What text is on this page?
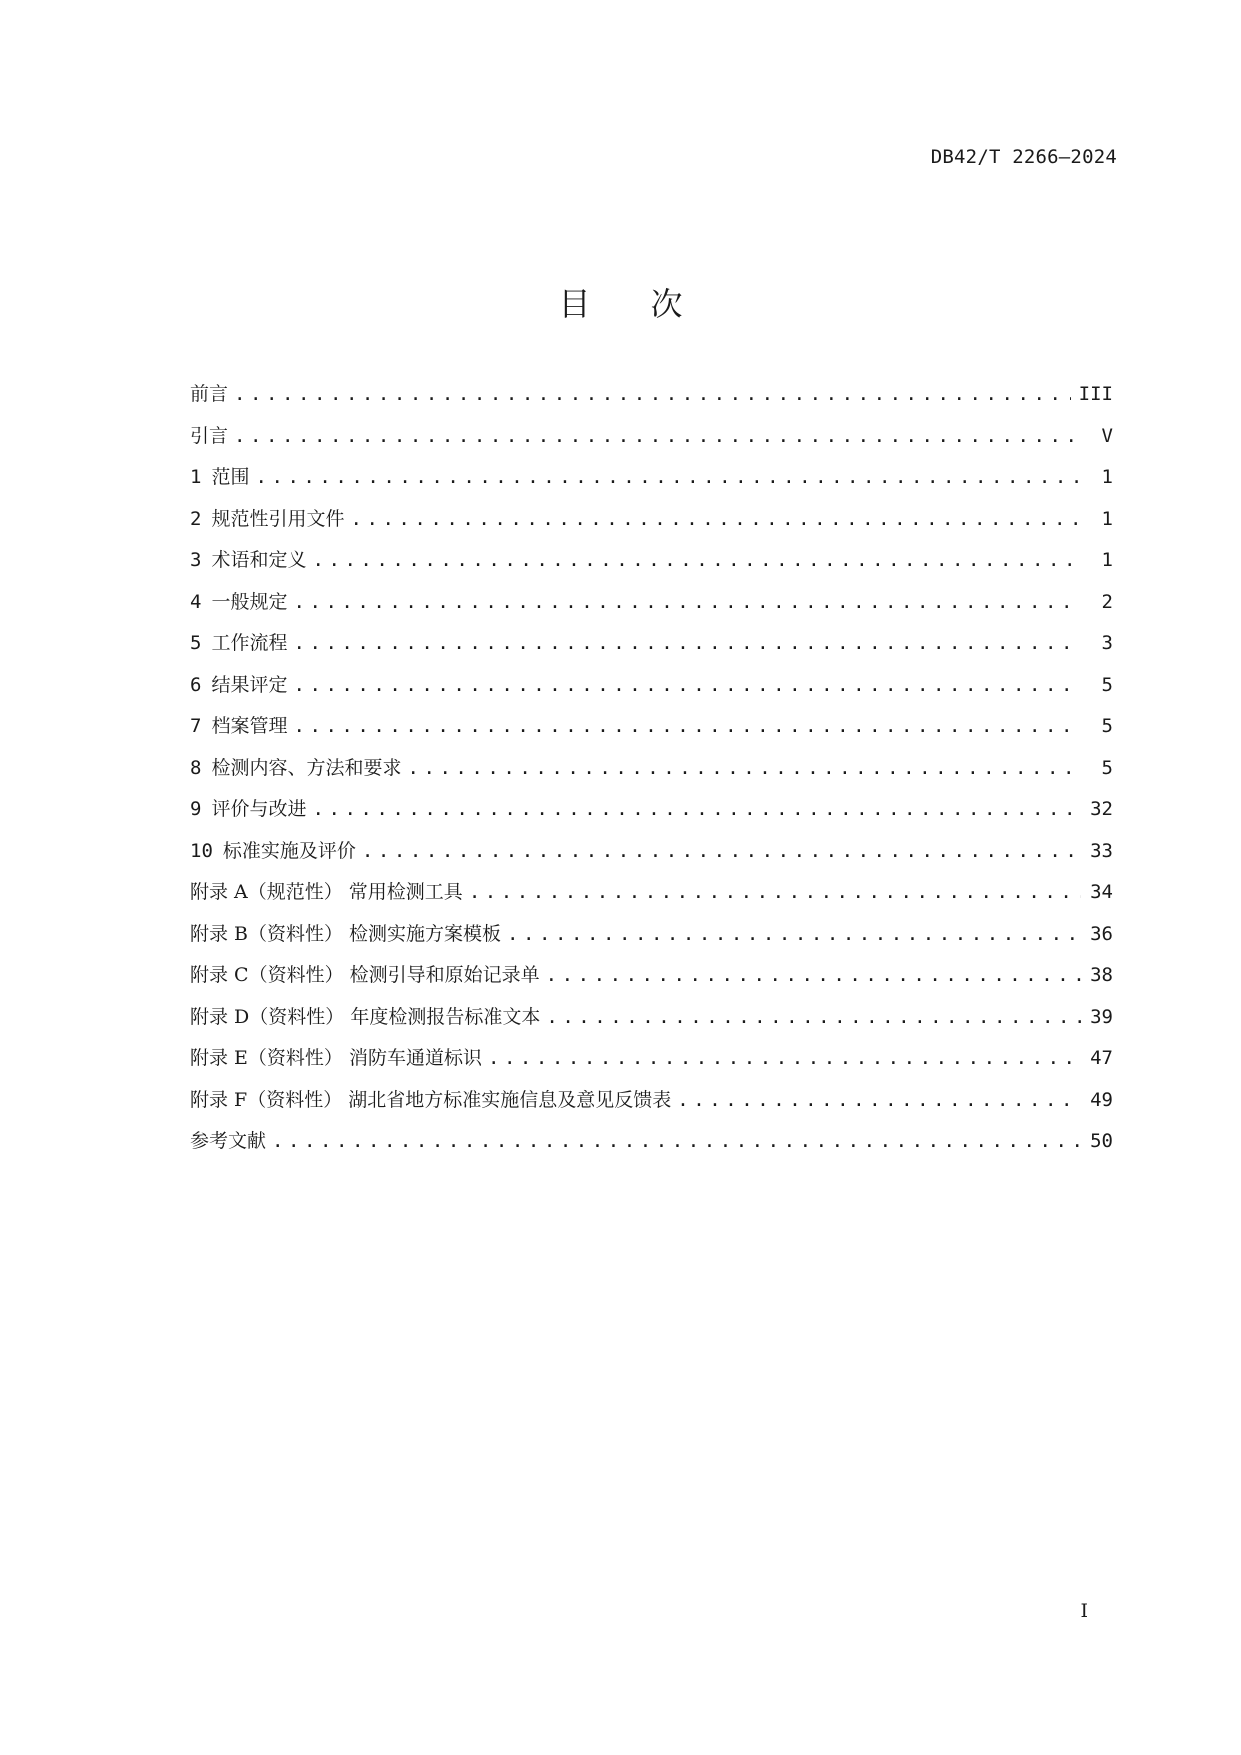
DB42/T 2266—2024
目 次
前言 .....	III
引言 .....	V
1 范围 .....	1
2 规范性引用文件 .....	1
3 术语和定义 .....	1
4 一般规定 .....	2
5 工作流程 .....	3
6 结果评定 .....	5
7 档案管理 .....	5
8 检测内容、方法和要求 .....	5
9 评价与改进 .....	32
10 标准实施及评价 .....	33
附录 A（规范性） 常用检测工具 .....	34
附录 B（资料性） 检测实施方案模板 .....	36
附录 C（资料性） 检测引导和原始记录单 .....	38
附录 D（资料性） 年度检测报告标准文本 .....	39
附录 E（资料性） 消防车通道标识 .....	47
附录 F（资料性） 湖北省地方标准实施信息及意见反馈表 .....	49
参考文献 .....	50
I
